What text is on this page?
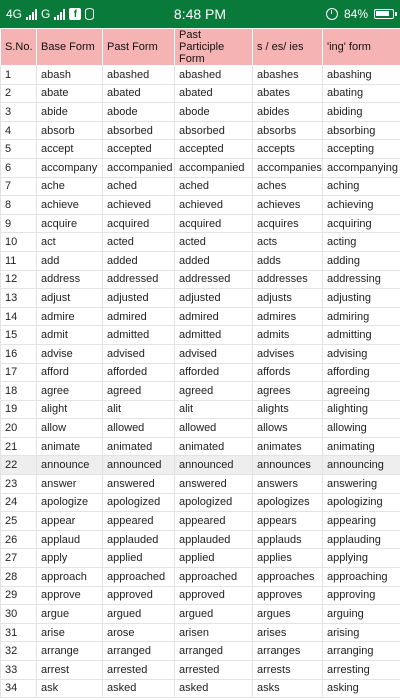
4G G	f	8:48 PM	84%
S.No.	Base Form	Past Form	Past Participle Form	s / es/ ies	'ing' form
1	abash	abashed	abashed	abashes	abashing
2	abate	abated	abated	abates	abating
3	abide	abode	abode	abides	abiding
4	absorb	absorbed	absorbed	absorbs	absorbing
5	accept	accepted	accepted	accepts	accepting
6	accompany	accompanied	accompanied	accompanies	accompanying
7	ache	ached	ached	aches	aching
8	achieve	achieved	achieved	achieves	achieving
9	acquire	acquired	acquired	acquires	acquiring
10	act	acted	acted	acts	acting
11	add	added	added	adds	adding
12	address	addressed	addressed	addresses	addressing
13	adjust	adjusted	adjusted	adjusts	adjusting
14	admire	admired	admired	admires	admiring
15	admit	admitted	admitted	admits	admitting
16	advise	advised	advised	advises	advising
17	afford	afforded	afforded	affords	affording
18	agree	agreed	agreed	agrees	agreeing
19	alight	alit	alit	alights	alighting
20	allow	allowed	allowed	allows	allowing
21	animate	animated	animated	animates	animating
22	announce	announced	announced	announces	announcing
23	answer	answered	answered	answers	answering
24	apologize	apologized	apologized	apologizes	apologizing
25	appear	appeared	appeared	appears	appearing
26	applaud	applauded	applauded	applauds	applauding
27	apply	applied	applied	applies	applying
28	approach	approached	approached	approaches	approaching
29	approve	approved	approved	approves	approving
30	argue	argued	argued	argues	arguing
31	arise	arose	arisen	arises	arising
32	arrange	arranged	arranged	arranges	arranging
33	arrest	arrested	arrested	arrests	arresting
34	ask	asked	asked	asks	asking
